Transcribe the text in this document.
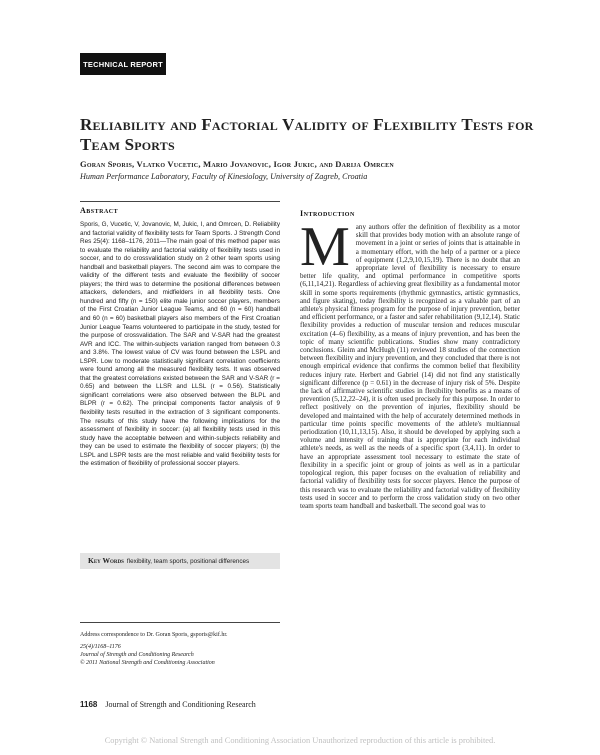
TECHNICAL REPORT
Reliability and Factorial Validity of Flexibility Tests for Team Sports
Goran Sporis, Vlatko Vucetic, Mario Jovanovic, Igor Jukic, and Darija Omrcen
Human Performance Laboratory, Faculty of Kinesiology, University of Zagreb, Croatia
Abstract
Sporis, G, Vucetic, V, Jovanovic, M, Jukic, I, and Omrcen, D. Reliability and factorial validity of flexibility tests for Team Sports. J Strength Cond Res 25(4): 1168–1176, 2011—The main goal of this method paper was to evaluate the reliability and factorial validity of flexibility tests used in soccer, and to do crossvalidation study on 2 other team sports using handball and basketball players. The second aim was to compare the validity of the different tests and evaluate the flexibility of soccer players; the third was to determine the positional differences between attackers, defenders, and midfielders in all flexibility tests. One hundred and fifty (n = 150) elite male junior soccer players, members of the First Croatian Junior League Teams, and 60 (n = 60) handball and 60 (n = 60) basketball players also members of the First Croatian Junior League Teams volunteered to participate in the study, tested for the purpose of crossvalidation. The SAR and V-SAR had the greatest AVR and ICC. The within-subjects variation ranged from between 0.3 and 3.8%. The lowest value of CV was found between the LSPL and LSPR. Low to moderate statistically significant correlation coefficients were found among all the measured flexibility tests. It was observed that the greatest correlations existed between the SAR and V-SAR (r = 0.65) and between the LLSR and LLSL (r = 0.56). Statistically significant correlations were also observed between the BLPL and BLPR (r = 0.62). The principal components factor analysis of 9 flexibility tests resulted in the extraction of 3 significant components. The results of this study have the following implications for the assessment of flexibility in soccer: (a) all flexibility tests used in this study have the acceptable between and within-subjects reliability and they can be used to estimate the flexibility of soccer players; (b) the LSPL and LSPR tests are the most reliable and valid flexibility tests for the estimation of flexibility of professional soccer players.
Key Words flexibility, team sports, positional differences
Address correspondence to Dr. Goran Sporis, gsporis@kif.hr.
25(4)/1168–1176
Journal of Strength and Conditioning Research
© 2011 National Strength and Conditioning Association
Introduction
Many authors offer the definition of flexibility as a motor skill that provides body motion with an absolute range of movement in a joint or series of joints that is attainable in a momentary effort, with the help of a partner or a piece of equipment (1,2,9,10,15,19). There is no doubt that an appropriate level of flexibility is necessary to ensure better life quality, and optimal performance in competitive sports (6,11,14,21). Regardless of achieving great flexibility as a fundamental motor skill in some sports requirements (rhythmic gymnastics, artistic gymnastics, and figure skating), today flexibility is recognized as a valuable part of an athlete's physical fitness program for the purpose of injury prevention, better and efficient performance, or a faster and safer rehabilitation (9,12,14). Static flexibility provides a reduction of muscular tension and reduces muscular excitation (4–6) flexibility, as a means of injury prevention, and has been the topic of many scientific publications. Studies show many contradictory conclusions. Gleim and McHugh (11) reviewed 18 studies of the connection between flexibility and injury prevention, and they concluded that there is not enough empirical evidence that confirms the common belief that flexibility reduces injury rate. Herbert and Gabriel (14) did not find any statistically significant difference (p = 0.61) in the decrease of injury risk of 5%. Despite the lack of affirmative scientific studies in flexibility benefits as a means of prevention (5,12,22–24), it is often used precisely for this purpose. In order to reflect positively on the prevention of injuries, flexibility should be developed and maintained with the help of accurately determined methods in particular time points specific movements of the athlete's multiannual periodization (10,11,13,15). Also, it should be developed by applying such a volume and intensity of training that is appropriate for each individual athlete's needs, as well as the needs of a specific sport (3,4,11). In order to have an appropriate assessment tool necessary to estimate the state of flexibility in a specific joint or group of joints as well as in a particular topological region, this paper focuses on the evaluation of reliability and factorial validity of flexibility tests for soccer players. Hence the purpose of this research was to evaluate the reliability and factorial validity of flexibility tests used in soccer and to perform the cross validation study on two other team sports team handball and basketball. The second goal was to
1168 Journal of Strength and Conditioning Research
Copyright © National Strength and Conditioning Association Unauthorized reproduction of this article is prohibited.
